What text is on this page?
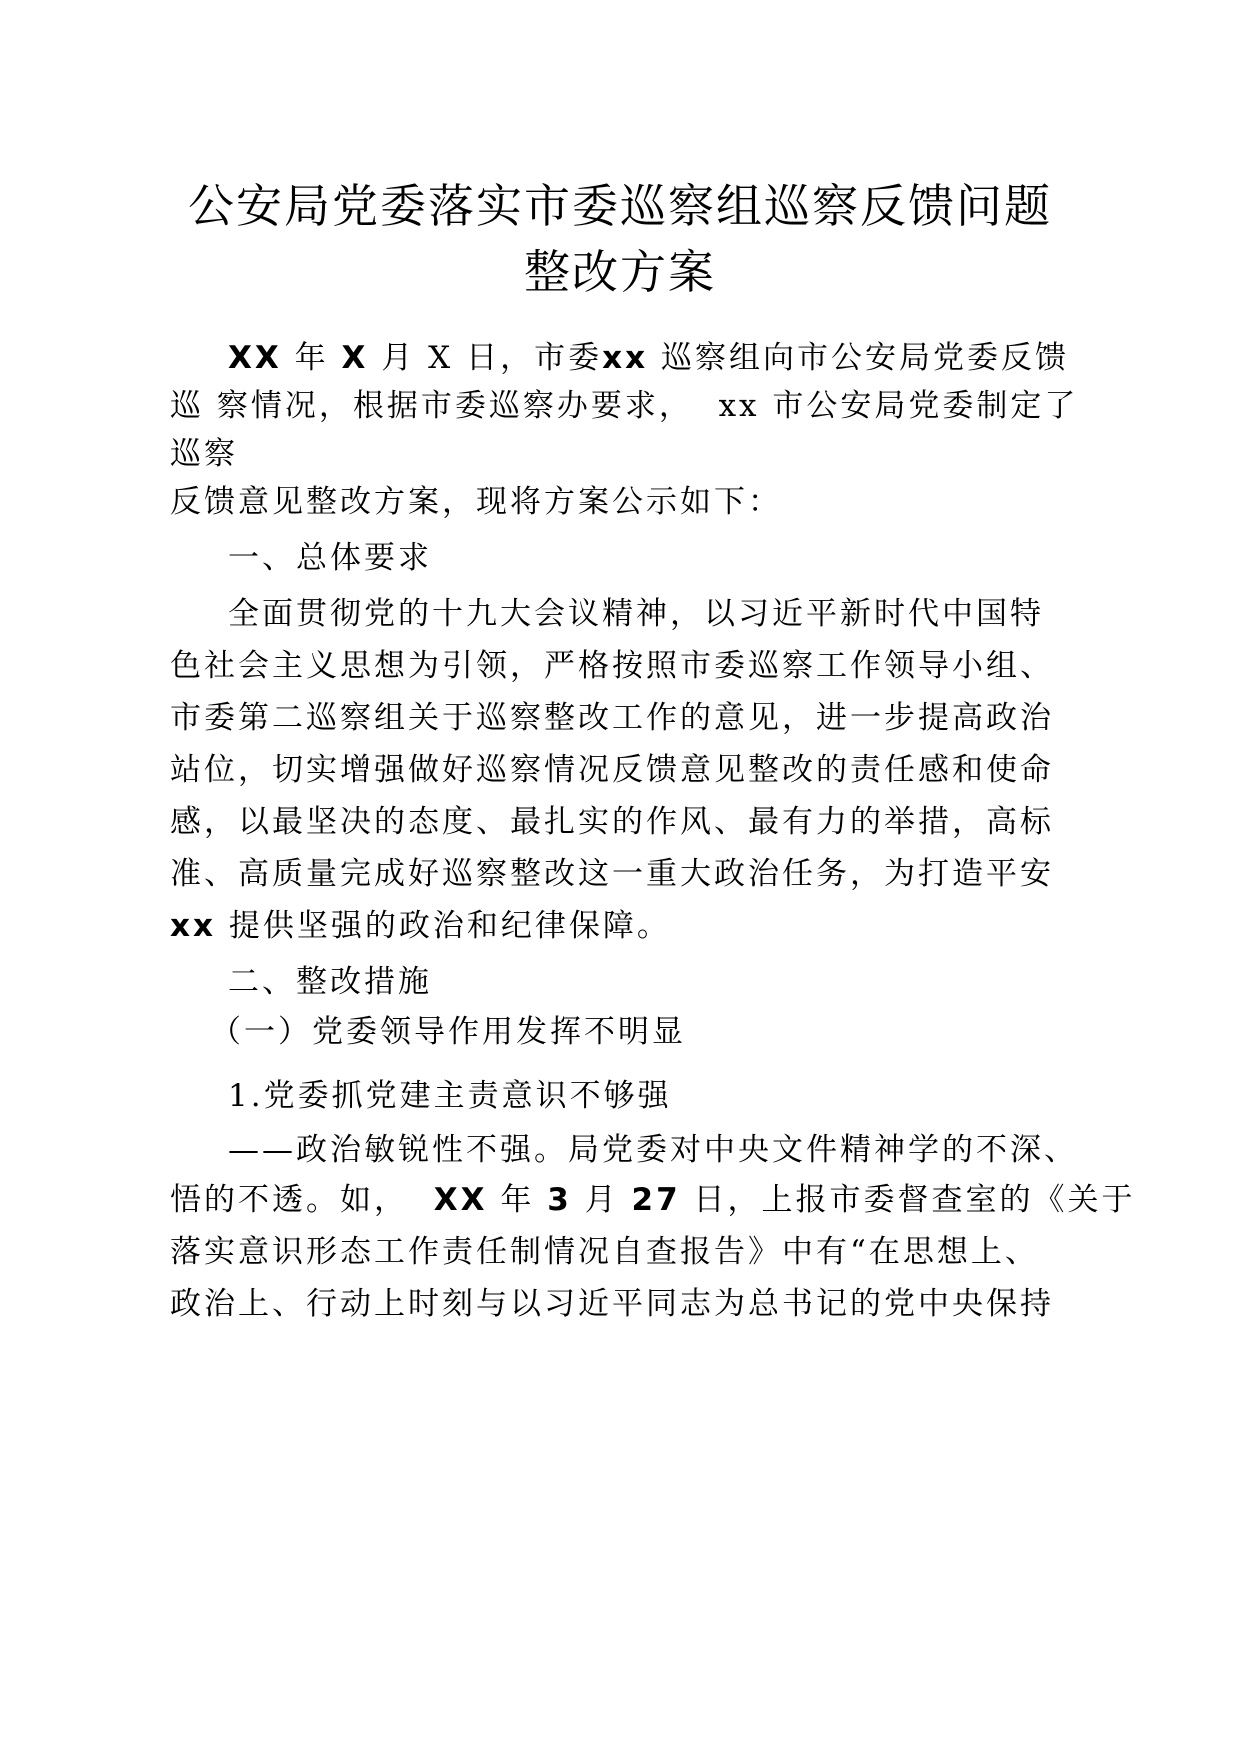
公安局党委落实市委巡察组巡察反馈问题
整改方案
XX 年 X 月 X 日，市委xx 巡察组向市公安局党委反馈
巡 察情况，根据市委巡察办要求， xx 市公安局党委制定了
巡察
反馈意见整改方案，现将方案公示如下：
一、总体要求
全面贯彻党的十九大会议精神，以习近平新时代中国特
色社会主义思想为引领，严格按照市委巡察工作领导小组、
市委第二巡察组关于巡察整改工作的意见，进一步提高政治
站位，切实增强做好巡察情况反馈意见整改的责任感和使命
感，以最坚决的态度、最扎实的作风、最有力的举措，高标
准、高质量完成好巡察整改这一重大政治任务，为打造平安
xx 提供坚强的政治和纪律保障。
二、整改措施
（一）党委领导作用发挥不明显
1.党委抓党建主责意识不够强
——政治敏锐性不强。局党委对中央文件精神学的不深、
悟的不透。如， XX 年 3 月 27 日，上报市委督查室的《关于
落实意识形态工作责任制情况自查报告》中有“在思想上、
政治上、行动上时刻与以习近平同志为总书记的党中央保持
